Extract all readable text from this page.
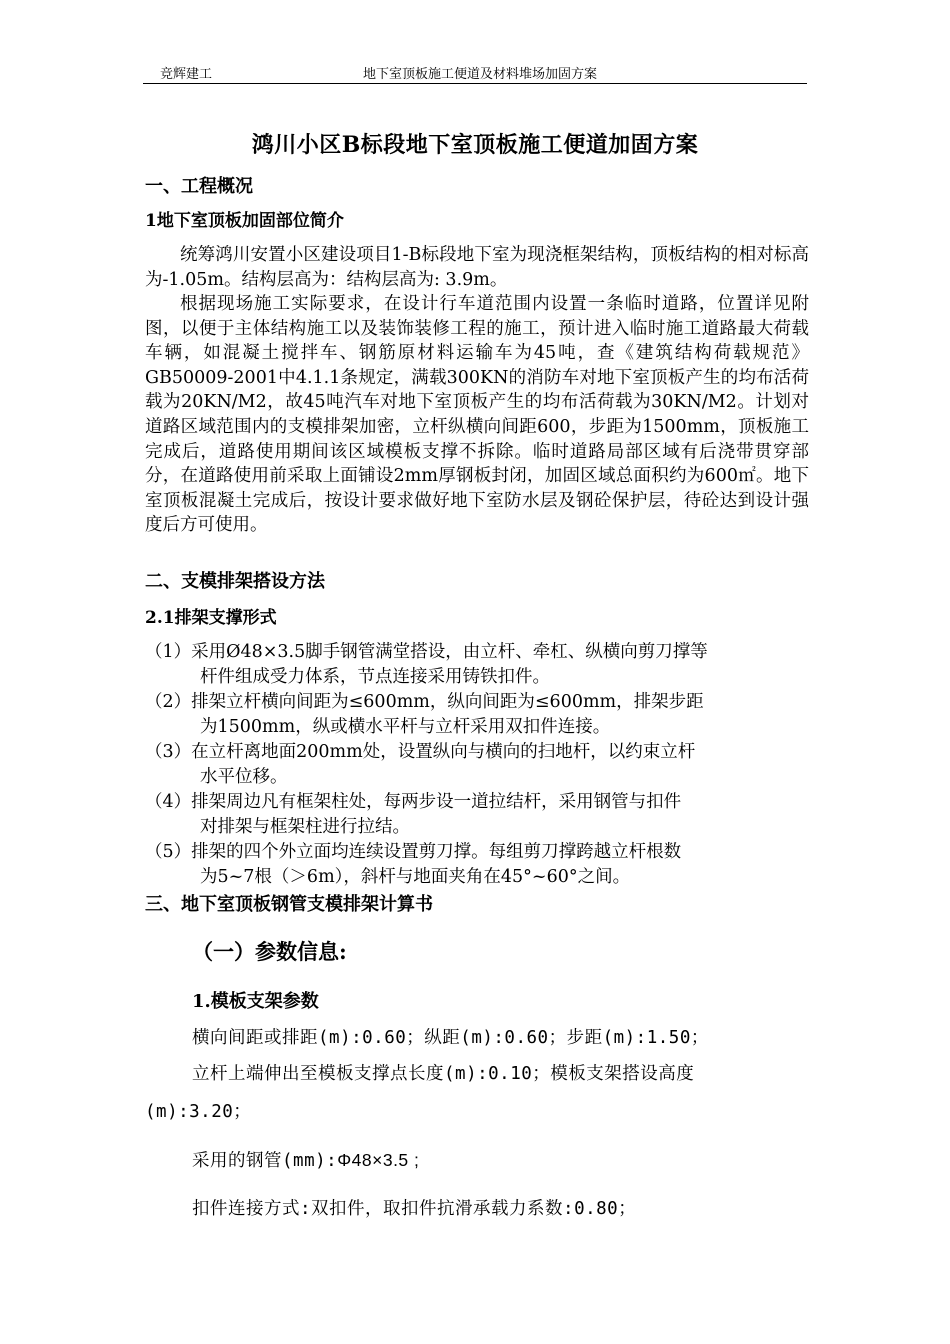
竞辉建工	地下室顶板施工便道及材料堆场加固方案
鸿川小区B标段地下室顶板施工便道加固方案
一、工程概况
1地下室顶板加固部位简介

统筹鸿川安置小区建设项目1-B标段地下室为现浇框架结构，顶板结构的相对标高为-1.05m。结构层高为：结构层高为: 3.9m。

根据现场施工实际要求，在设计行车道范围内设置一条临时道路，位置详见附图，以便于主体结构施工以及装饰装修工程的施工，预计进入临时施工道路最大荷载车辆，如混凝土搅拌车、钢筋原材料运输车为45吨，查《建筑结构荷载规范》GB50009-2001中4.1.1条规定，满载300KN的消防车对地下室顶板产生的均布活荷载为20KN/M2，故45吨汽车对地下室顶板产生的均布活荷载为30KN/M2。计划对道路区域范围内的支模排架加密，立杆纵横向间距600，步距为1500mm，顶板施工完成后，道路使用期间该区域模板支撑不拆除。临时道路局部区域有后浇带贯穿部分，在道路使用前采取上面铺设2mm厚钢板封闭，加固区域总面积约为600㎡。地下室顶板混凝土完成后，按设计要求做好地下室防水层及钢砼保护层，待砼达到设计强度后方可使用。

二、支模排架搭设方法
2.1排架支撑形式
（1）采用Ø48×3.5脚手钢管满堂搭设，由立杆、牵杠、纵横向剪刀撑等
杆件组成受力体系，节点连接采用铸铁扣件。
（2）排架立杆横向间距为≤600mm，纵向间距为≤600mm，排架步距
为1500mm，纵或横水平杆与立杆采用双扣件连接。
（3）在立杆离地面200mm处，设置纵向与横向的扫地杆，以约束立杆
水平位移。
（4）排架周边凡有框架柱处，每两步设一道拉结杆，采用钢管与扣件
对排架与框架柱进行拉结。
（5）排架的四个外立面均连续设置剪刀撑。每组剪刀撑跨越立杆根数
为5~7根（＞6m），斜杆与地面夹角在45°~60°之间。
三、地下室顶板钢管支模排架计算书
（一）参数信息:
1.模板支架参数
横向间距或排距(m):0.60；纵距(m):0.60；步距(m):1.50；
立杆上端伸出至模板支撑点长度(m):0.10；模板支架搭设高度
(m):3.20；
采用的钢管(mm):Φ48×3.5 ;
扣件连接方式:双扣件，取扣件抗滑承载力系数:0.80；
